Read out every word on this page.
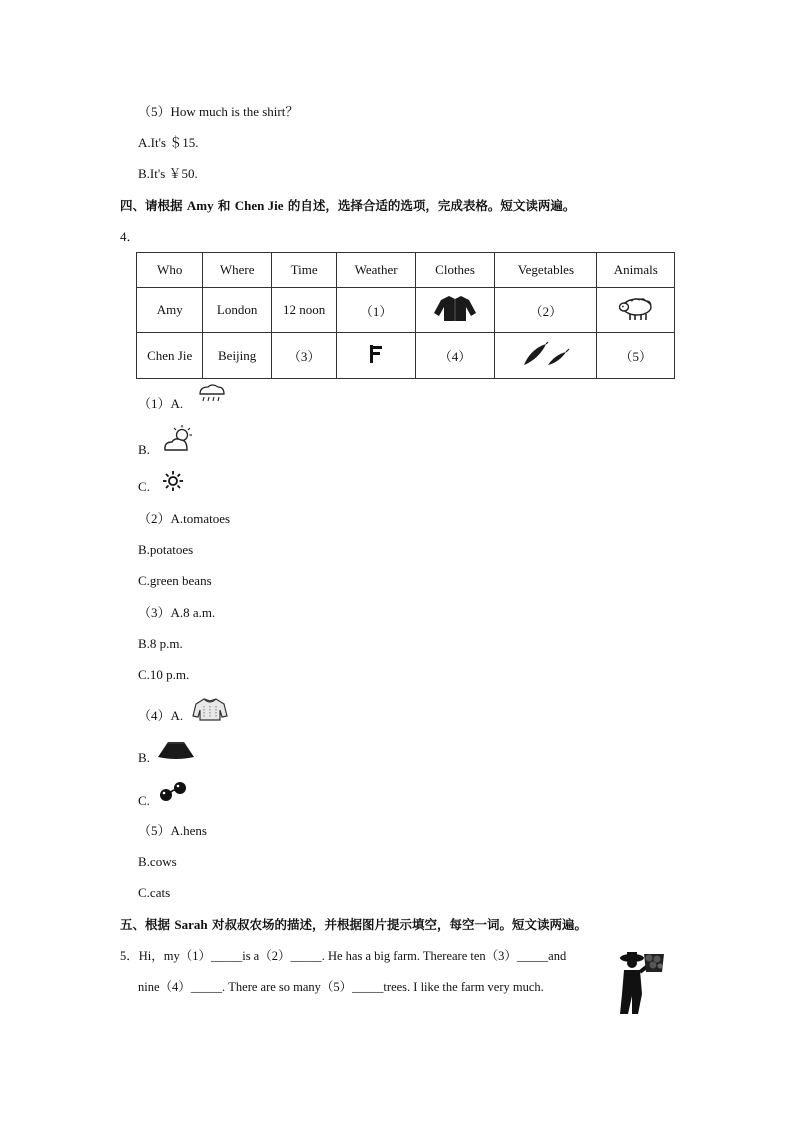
（5）How much is the shirt？
A.It's ＄15.
B.It's ￥50.
四、请根据 Amy 和 Chen Jie 的自述，选择合适的选项，完成表格。短文读两遍。
4．
Who	Where	Time	Weather	Clothes	Vegetables	Animals
Amy	London	12 noon	（1）		（2）	
Chen Jie	Beijing	（3）		（4）		（5）
（1）A.
B.
C.
（2）A.tomatoes
B.potatoes
C.green beans
（3）A.8 a.m.
B.8 p.m.
C.10 p.m.
（4）A.
B.
C.
（5）A.hens
B.cows
C.cats
五、根据 Sarah 对叔叔农场的描述，并根据图片提示填空，每空一词。短文读两遍。
5．Hi，my（1）_____is a（2）_____. He has a big farm. Thereare ten（3）_____and
nine（4）_____. There are so many（5）_____trees. I like the farm very much.
